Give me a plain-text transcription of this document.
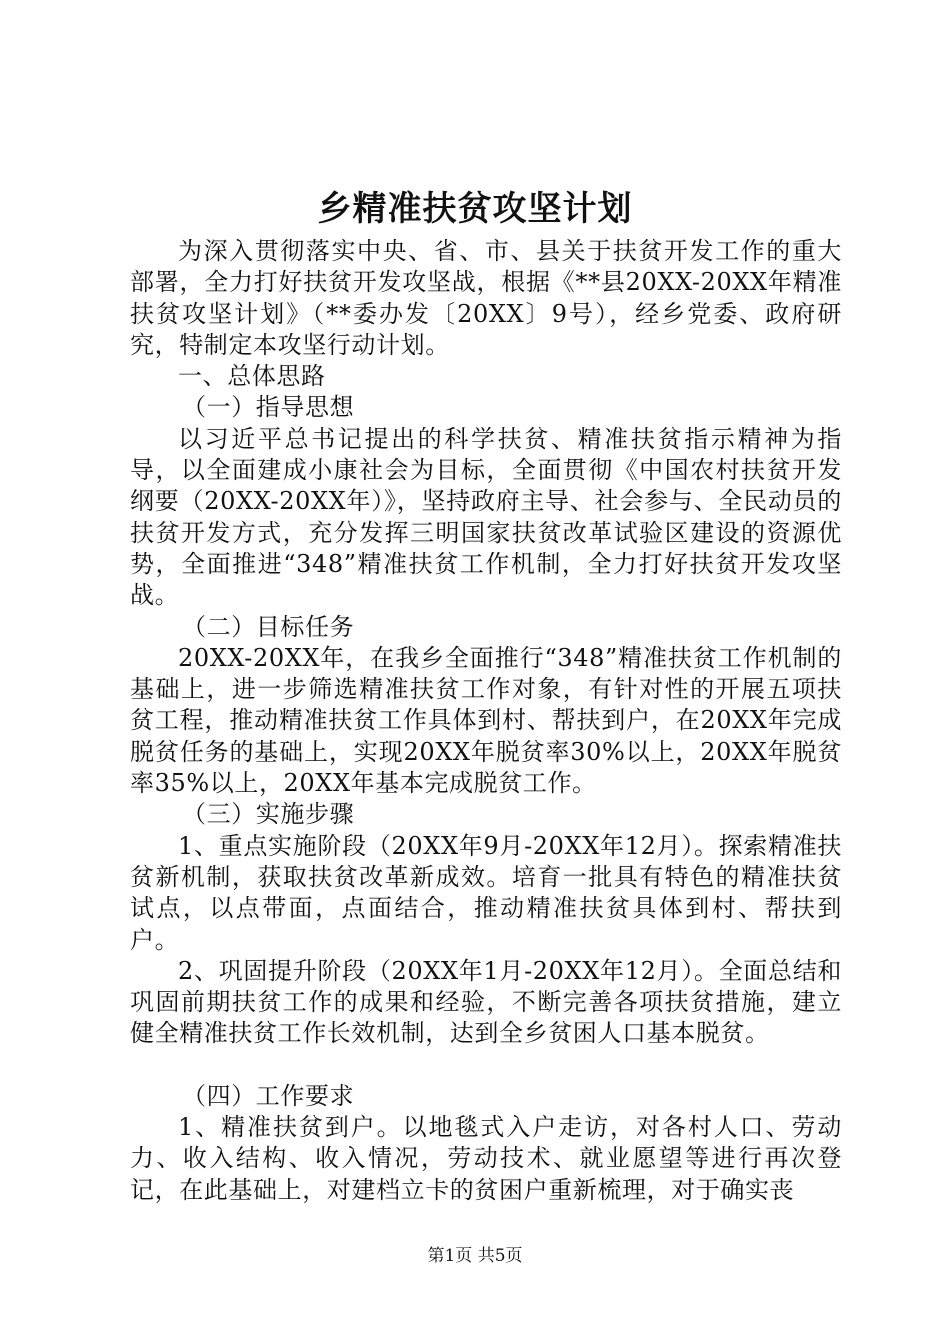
乡精准扶贫攻坚计划

为深入贯彻落实中央、省、市、县关于扶贫开发工作的重大部署，全力打好扶贫开发攻坚战，根据《**县20XX-20XX年精准扶贫攻坚计划》（**委办发〔20XX〕9号），经乡党委、政府研究，特制定本攻坚行动计划。

一、总体思路

（一）指导思想

以习近平总书记提出的科学扶贫、精准扶贫指示精神为指导，以全面建成小康社会为目标，全面贯彻《中国农村扶贫开发纲要（20XX-20XX年）》，坚持政府主导、社会参与、全民动员的扶贫开发方式，充分发挥三明国家扶贫改革试验区建设的资源优势，全面推进“348”精准扶贫工作机制，全力打好扶贫开发攻坚战。

（二）目标任务

20XX-20XX年，在我乡全面推行“348”精准扶贫工作机制的基础上，进一步筛选精准扶贫工作对象，有针对性的开展五项扶贫工程，推动精准扶贫工作具体到村、帮扶到户，在20XX年完成脱贫任务的基础上，实现20XX年脱贫率30%以上，20XX年脱贫率35%以上，20XX年基本完成脱贫工作。

（三）实施步骤

1、重点实施阶段（20XX年9月-20XX年12月）。探索精准扶贫新机制，获取扶贫改革新成效。培育一批具有特色的精准扶贫试点，以点带面，点面结合，推动精准扶贫具体到村、帮扶到户。

2、巩固提升阶段（20XX年1月-20XX年12月）。全面总结和巩固前期扶贫工作的成果和经验，不断完善各项扶贫措施，建立健全精准扶贫工作长效机制，达到全乡贫困人口基本脱贫。

（四）工作要求

1、精准扶贫到户。以地毯式入户走访，对各村人口、劳动力、收入结构、收入情况，劳动技术、就业愿望等进行再次登记，在此基础上，对建档立卡的贫困户重新梳理，对于确实丧

第1页 共5页
